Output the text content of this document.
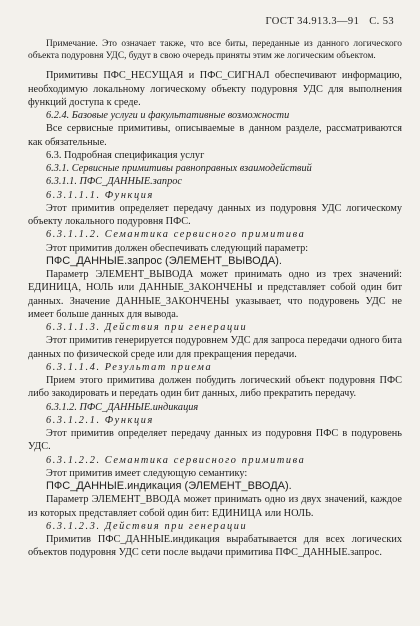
ГОСТ 34.913.3—91 С. 53

Примечание. Это означает также, что все биты, переданные из данного логического объекта подуровня УДС, будут в свою очередь приняты этим же логическим объектом.

Примитивы ПФС_НЕСУЩАЯ и ПФС_СИГНАЛ обеспечивают информацию, необходимую локальному логическому объекту подуровня УДС для выполнения функций доступа к среде.

6.2.4. Базовые услуги и факультативные возможности

Все сервисные примитивы, описываемые в данном разделе, рассматриваются как обязательные.

6.3. Подробная спецификация услуг

6.3.1. Сервисные примитивы равноправных взаимодействий

6.3.1.1. ПФС_ДАННЫЕ.запрос

6.3.1.1.1. Функция

Этот примитив определяет передачу данных из подуровня УДС логическому объекту локального подуровня ПФС.

6.3.1.1.2. Семантика сервисного примитива

Этот примитив должен обеспечивать следующий параметр:

ПФС_ДАННЫЕ.запрос (ЭЛЕМЕНТ_ВЫВОДА).

Параметр ЭЛЕМЕНТ_ВЫВОДА может принимать одно из трех значений: ЕДИНИЦА, НОЛЬ или ДАННЫЕ_ЗАКОНЧЕНЫ и представляет собой один бит данных. Значение ДАННЫЕ_ЗАКОНЧЕНЫ указывает, что подуровень УДС не имеет больше данных для вывода.

6.3.1.1.3. Действия при генерации

Этот примитив генерируется подуровнем УДС для запроса передачи одного бита данных по физической среде или для прекращения передачи.

6.3.1.1.4. Результат приема

Прием этого примитива должен побудить логический объект подуровня ПФС либо закодировать и передать один бит данных, либо прекратить передачу.

6.3.1.2. ПФС_ДАННЫЕ.индикация

6.3.1.2.1. Функция

Этот примитив определяет передачу данных из подуровня ПФС в подуровень УДС.

6.3.1.2.2. Семантика сервисного примитива

Этот примитив имеет следующую семантику:

ПФС_ДАННЫЕ.индикация (ЭЛЕМЕНТ_ВВОДА).

Параметр ЭЛЕМЕНТ_ВВОДА может принимать одно из двух значений, каждое из которых представляет собой один бит: ЕДИНИЦА или НОЛЬ.

6.3.1.2.3. Действия при генерации

Примитив ПФС_ДАННЫЕ.индикация вырабатывается для всех логических объектов подуровня УДС сети после выдачи примитива ПФС_ДАННЫЕ.запрос.
